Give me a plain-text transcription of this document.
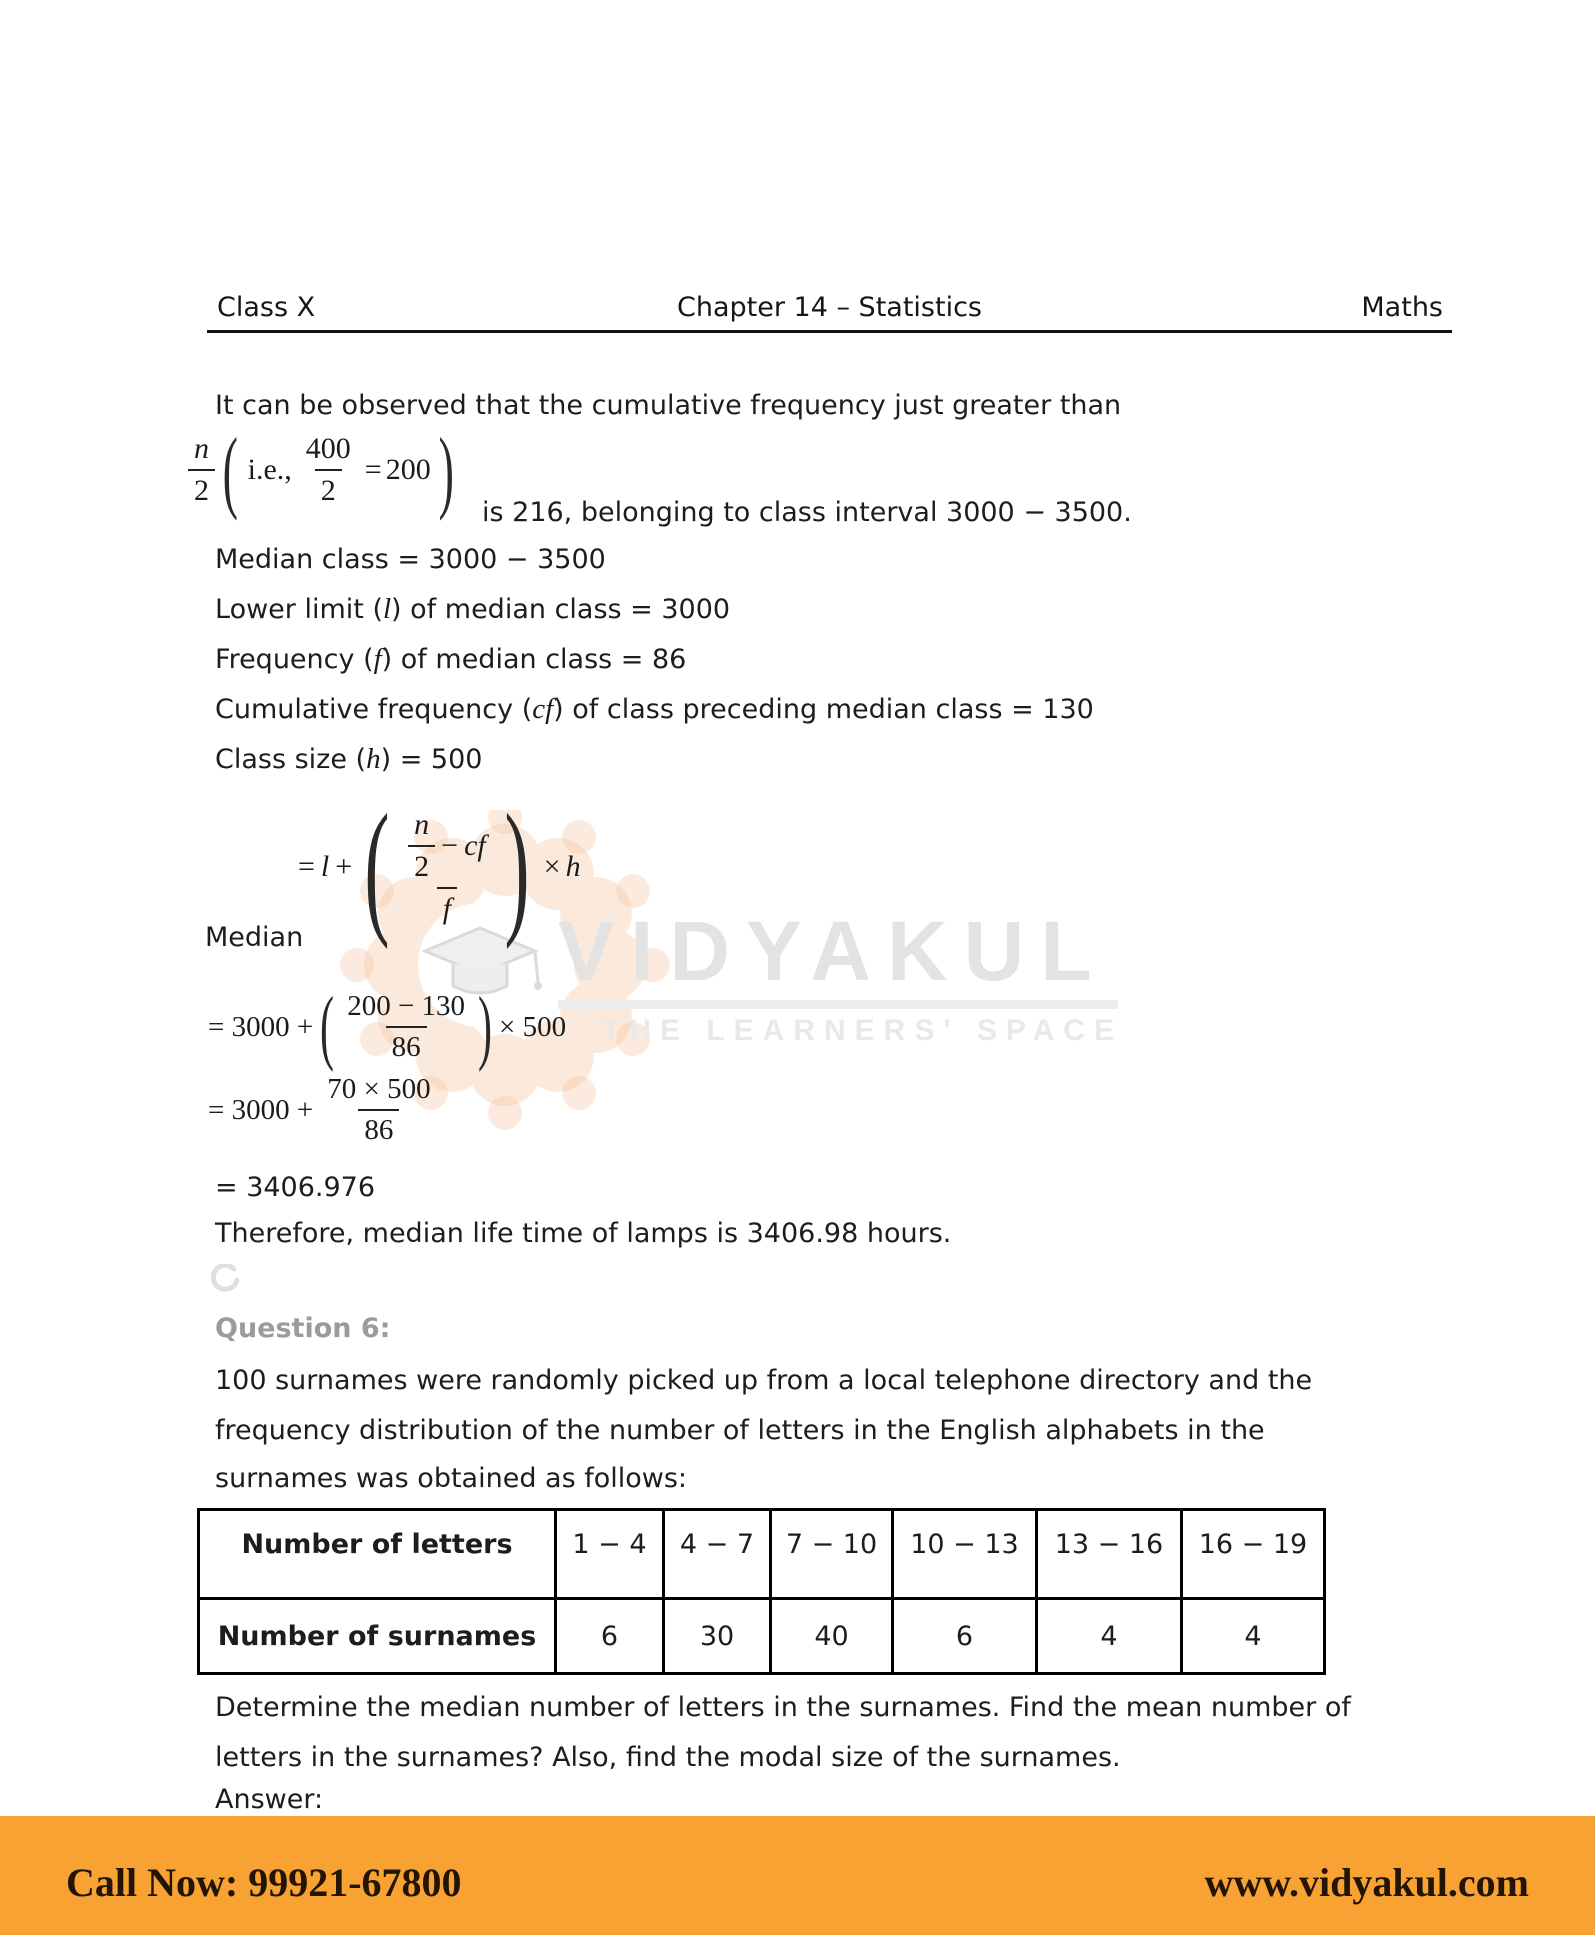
VIDYAKUL
THE LEARNERS' SPACE
Class X	Chapter 14 – Statistics	Maths
It can be observed that the cumulative frequency just greater than
$\frac{n}{2}$ ( i.e., $\frac{400}{2} = 200$ ) is 216, belonging to class interval 3000 − 3500.
Median class = 3000 − 3500
Lower limit (l) of median class = 3000
Frequency (f) of median class = 86
Cumulative frequency (cf) of class preceding median class = 130
Class size (h) = 500
= l + ( $\frac{\frac{n}{2} - cf}{f}$ ) × h
Median
= 3000 + ( $\frac{200 - 130}{86}$ ) × 500
= $3000 + \frac{70 \times 500}{86}$
= 3406.976
Therefore, median life time of lamps is 3406.98 hours.
Question 6:
100 surnames were randomly picked up from a local telephone directory and the
frequency distribution of the number of letters in the English alphabets in the
surnames was obtained as follows:
Number of letters	1 − 4	4 − 7	7 − 10	10 − 13	13 − 16	16 − 19
Number of surnames	6	30	40	6	4	4
Determine the median number of letters in the surnames. Find the mean number of
letters in the surnames? Also, find the modal size of the surnames.
Answer:
Call Now: 99921-67800	www.vidyakul.com
